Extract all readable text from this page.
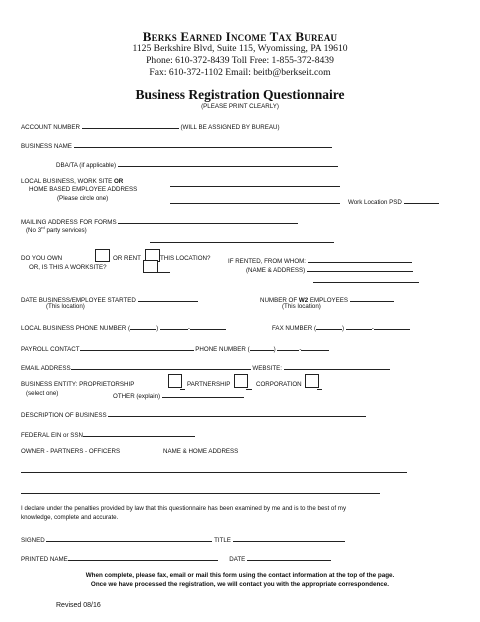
Berks Earned Income Tax Bureau
1125 Berkshire Blvd, Suite 115, Wyomissing, PA 19610
Phone: 610-372-8439 Toll Free: 1-855-372-8439
Fax: 610-372-1102 Email: beitb@berkseit.com
Business Registration Questionnaire
(PLEASE PRINT CLEARLY)
ACCOUNT NUMBER	(WILL BE ASSIGNED BY BUREAU)
BUSINESS NAME
DBA/TA (if applicable)
LOCAL BUSINESS, WORK SITE OR
HOME BASED EMPLOYEE ADDRESS
(Please circle one)
Work Location PSD
MAILING ADDRESS FOR FORMS
(No 3rd party services)
DO YOU OWN	OR RENT	THIS LOCATION?	IF RENTED, FROM WHOM:
OR, IS THIS A WORKSITE?	(NAME & ADDRESS)
DATE BUSINESS/EMPLOYEE STARTED
(This location)
NUMBER OF W2 EMPLOYEES
(This location)
LOCAL BUSINESS PHONE NUMBER (	)	-	FAX NUMBER (	)	-
PAYROLL CONTACT	PHONE NUMBER (	)	-
EMAIL ADDRESS	WEBSITE:
BUSINESS ENTITY: PROPRIETORSHIP	PARTNERSHIP	CORPORATION
(select one)	OTHER (explain)
DESCRIPTION OF BUSINESS
FEDERAL EIN or SSN
OWNER - PARTNERS - OFFICERS	NAME & HOME ADDRESS
I declare under the penalties provided by law that this questionnaire has been examined by me and is to the best of my
knowledge, complete and accurate.
SIGNED	TITLE
PRINTED NAME	DATE
When complete, please fax, email or mail this form using the contact information at the top of the page.
Once we have processed the registration, we will contact you with the appropriate correspondence.
Revised 08/16
